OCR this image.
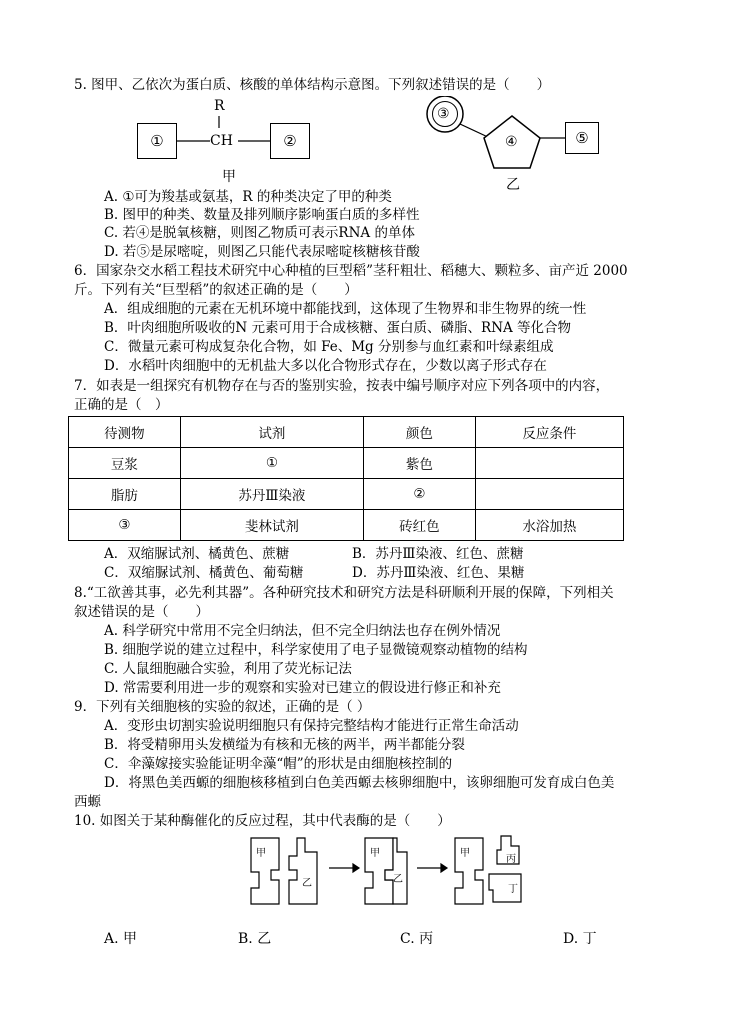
5. 图甲、乙依次为蛋白质、核酸的单体结构示意图。下列叙述错误的是（　　）
R
①	CH	②
甲
③
④	⑤
乙
A. ①可为羧基或氨基，R 的种类决定了甲的种类
B. 图甲的种类、数量及排列顺序影响蛋白质的多样性
C. 若④是脱氧核糖，则图乙物质可表示RNA 的单体
D. 若⑤是尿嘧啶，则图乙只能代表尿嘧啶核糖核苷酸
6．国家杂交水稻工程技术研究中心种植的巨型稻”茎秆粗壮、稻穗大、颗粒多、亩产近 2000
斤。下列有关“巨型稻”的叙述正确的是（　　）
A．组成细胞的元素在无机环境中都能找到，这体现了生物界和非生物界的统一性
B．叶肉细胞所吸收的N 元素可用于合成核糖、蛋白质、磷脂、RNA 等化合物
C．微量元素可构成复杂化合物，如 Fe、Mg 分别参与血红素和叶绿素组成
D．水稻叶肉细胞中的无机盐大多以化合物形式存在，少数以离子形式存在
7．如表是一组探究有机物存在与否的鉴别实验，按表中编号顺序对应下列各项中的内容，
正确的是（　）
待测物	试剂	颜色	反应条件
豆浆	①	紫色	
脂肪	苏丹Ⅲ染液	②	
③	斐林试剂	砖红色	水浴加热
A．双缩脲试剂、橘黄色、蔗糖	B．苏丹Ⅲ染液、红色、蔗糖
C．双缩脲试剂、橘黄色、葡萄糖	D．苏丹Ⅲ染液、红色、果糖
8.“工欲善其事，必先利其器”。各种研究技术和研究方法是科研顺利开展的保障，下列相关
叙述错误的是（　　）
A. 科学研究中常用不完全归纳法，但不完全归纳法也存在例外情况
B. 细胞学说的建立过程中，科学家使用了电子显微镜观察动植物的结构
C. 人鼠细胞融合实验，利用了荧光标记法
D. 常需要利用进一步的观察和实验对已建立的假设进行修正和补充
9．下列有关细胞核的实验的叙述，正确的是（ ）
A．变形虫切割实验说明细胞只有保持完整结构才能进行正常生命活动
B．将受精卵用头发横缢为有核和无核的两半，两半都能分裂
C．伞藻嫁接实验能证明伞藻“帽”的形状是由细胞核控制的
D．将黑色美西螈的细胞核移植到白色美西螈去核卵细胞中，该卵细胞可发育成白色美
西螈
10. 如图关于某种酶催化的反应过程，其中代表酶的是（　　）
甲
乙
甲
乙
甲
丙
丁
A. 甲	B. 乙	C. 丙	D. 丁
